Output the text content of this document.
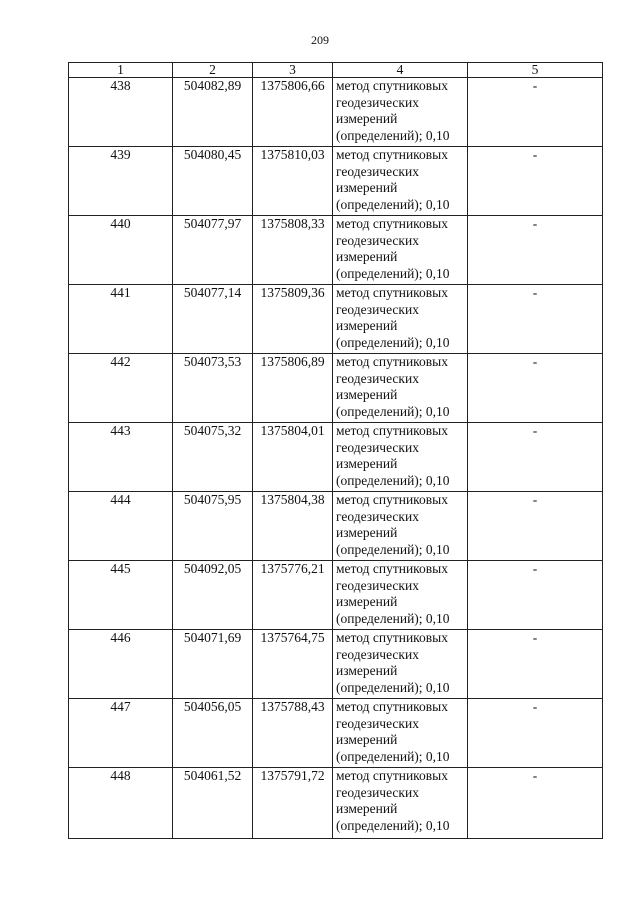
209
1	2	3	4	5
438	504082,89	1375806,66	метод спутниковых геодезических измерений (определений); 0,10	-
439	504080,45	1375810,03	метод спутниковых геодезических измерений (определений); 0,10	-
440	504077,97	1375808,33	метод спутниковых геодезических измерений (определений); 0,10	-
441	504077,14	1375809,36	метод спутниковых геодезических измерений (определений); 0,10	-
442	504073,53	1375806,89	метод спутниковых геодезических измерений (определений); 0,10	-
443	504075,32	1375804,01	метод спутниковых геодезических измерений (определений); 0,10	-
444	504075,95	1375804,38	метод спутниковых геодезических измерений (определений); 0,10	-
445	504092,05	1375776,21	метод спутниковых геодезических измерений (определений); 0,10	-
446	504071,69	1375764,75	метод спутниковых геодезических измерений (определений); 0,10	-
447	504056,05	1375788,43	метод спутниковых геодезических измерений (определений); 0,10	-
448	504061,52	1375791,72	метод спутниковых геодезических измерений (определений); 0,10	-
